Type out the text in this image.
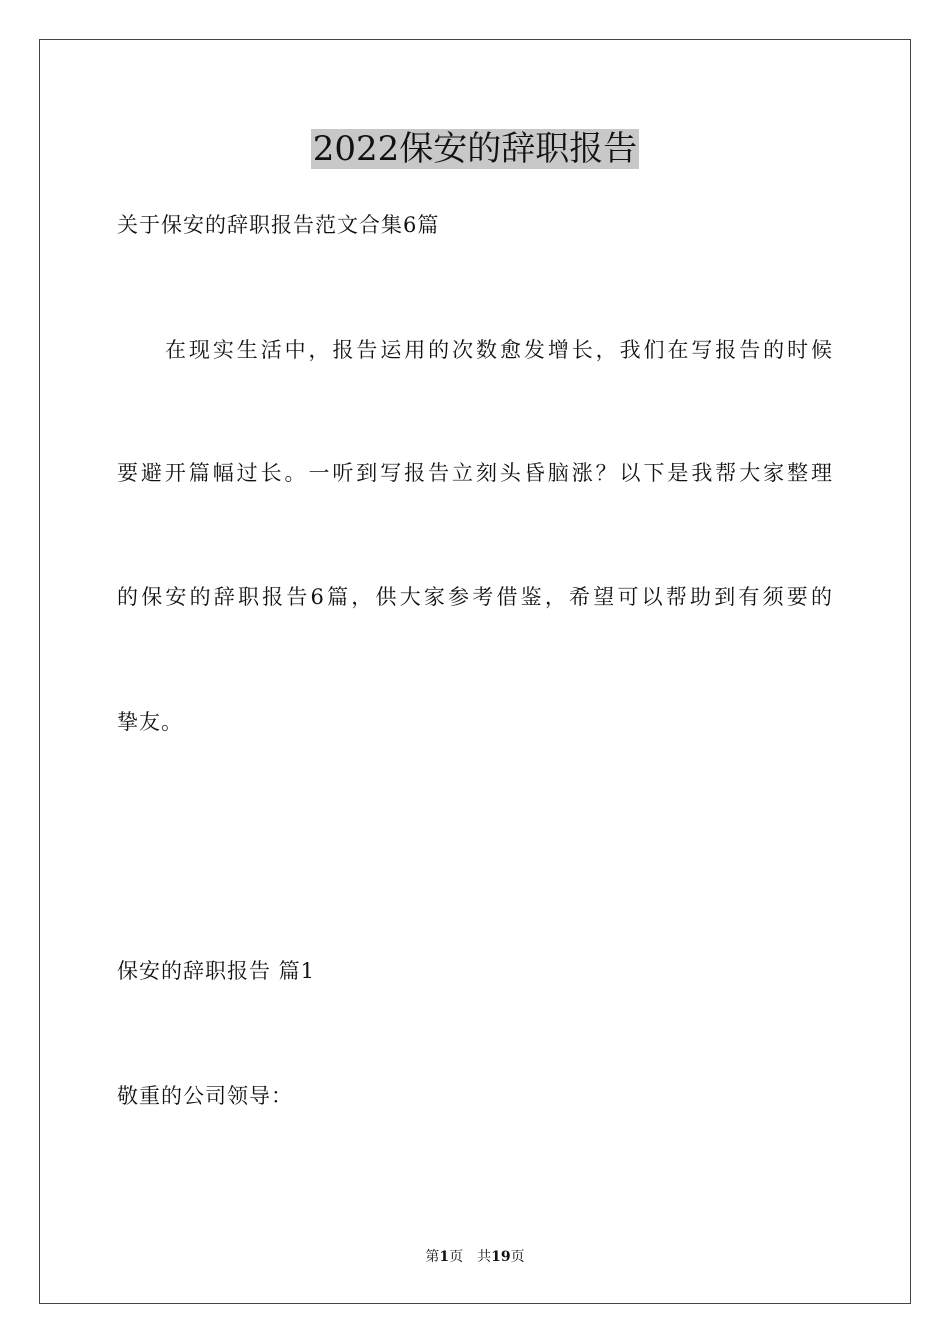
2022保安的辞职报告
关于保安的辞职报告范文合集6篇
在现实生活中，报告运用的次数愈发增长，我们在写报告的时候
要避开篇幅过长。一听到写报告立刻头昏脑涨？以下是我帮大家整理
的保安的辞职报告6篇，供大家参考借鉴，希望可以帮助到有须要的
挚友。
保安的辞职报告 篇1
敬重的公司领导：
第1页 共19页
